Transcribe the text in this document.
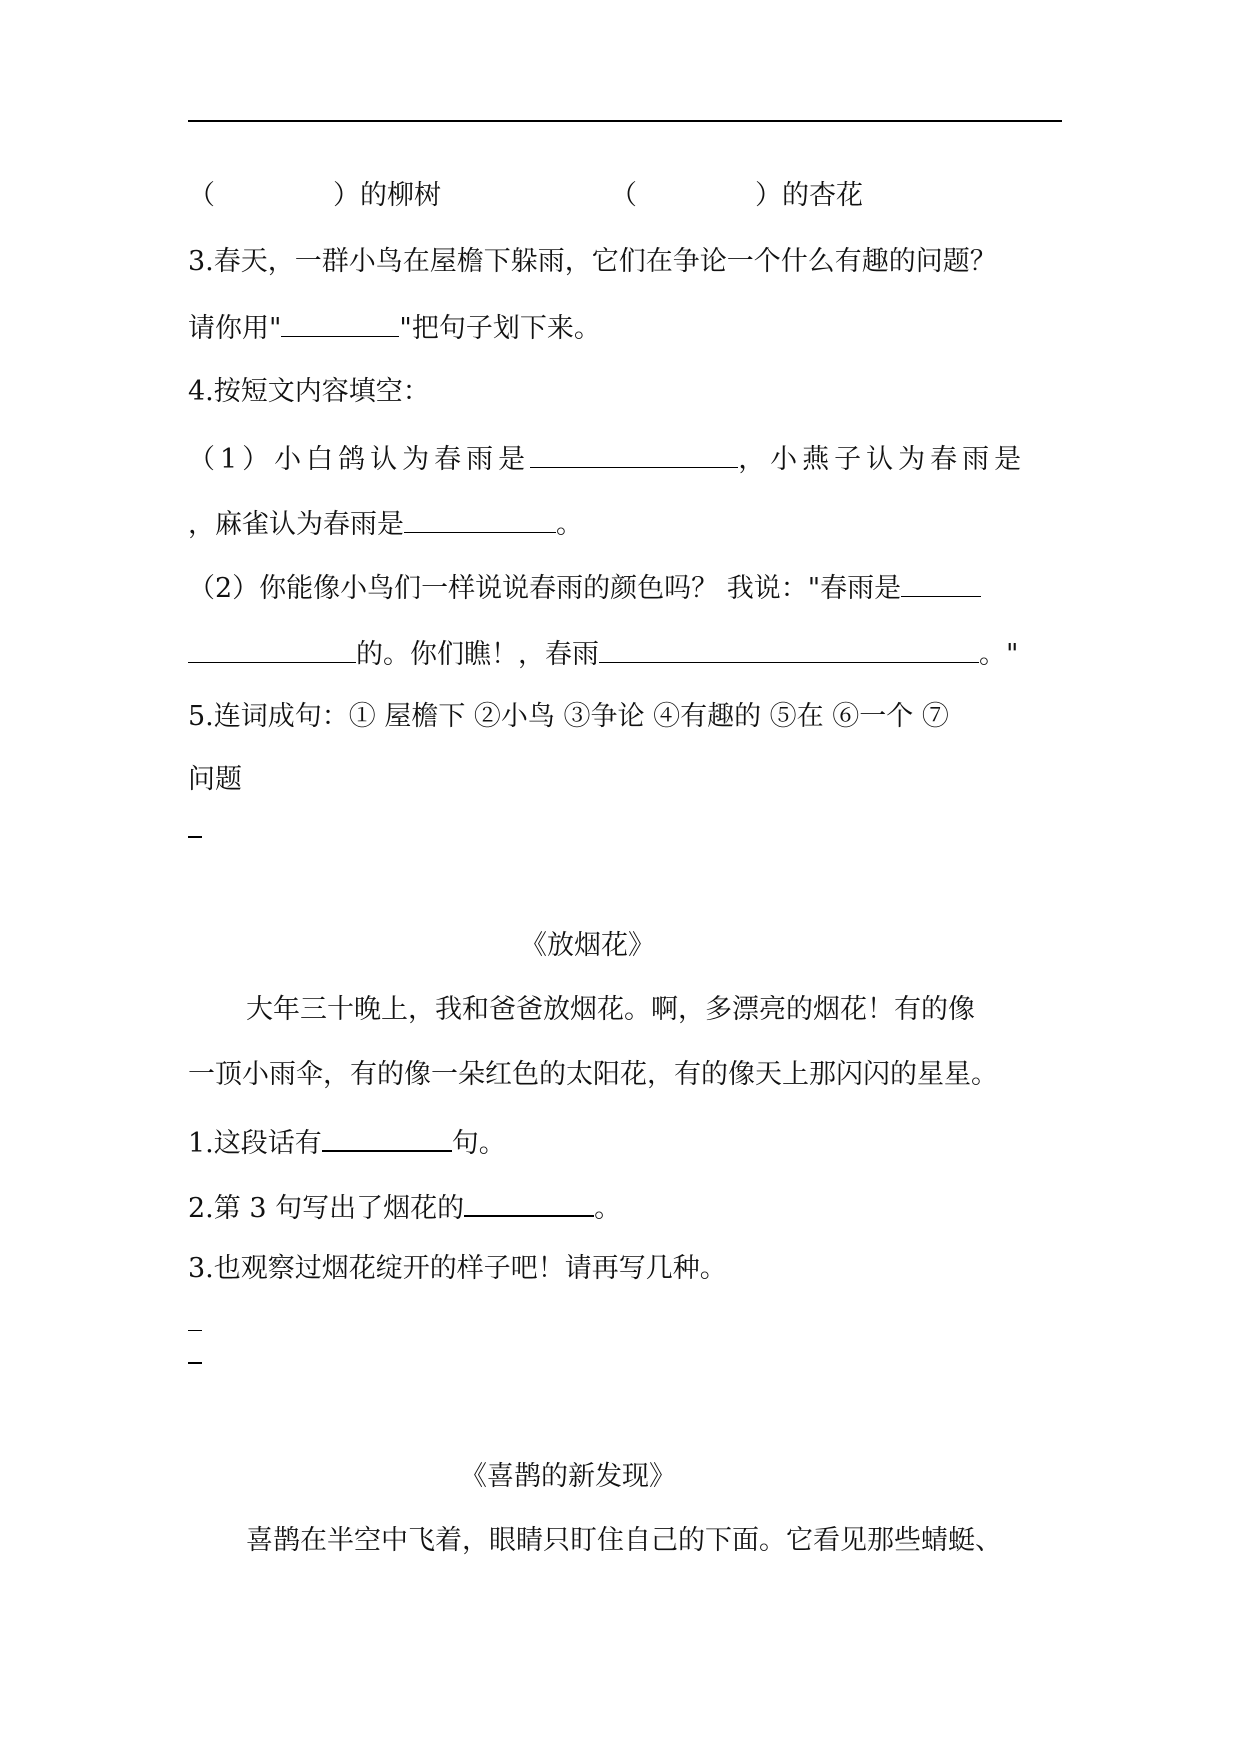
（	）的柳树	（	）的杏花
3.春天，一群小鸟在屋檐下躲雨，它们在争论一个什么有趣的问题？
请你用"	"把句子划下来。
4.按短文内容填空：
（1）小白鸽认为春雨是	，小燕子认为春雨是
，麻雀认为春雨是	。
（2）你能像小鸟们一样说说春雨的颜色吗？ 我说："春雨是
的。你们瞧！，春雨	。"
5.连词成句：① 屋檐下 ②小鸟 ③争论 ④有趣的 ⑤在 ⑥一个 ⑦
问题
《放烟花》
大年三十晚上，我和爸爸放烟花。啊，多漂亮的烟花！有的像
一顶小雨伞，有的像一朵红色的太阳花，有的像天上那闪闪的星星。
1.这段话有	句。
2.第 3 句写出了烟花的	。
3.也观察过烟花绽开的样子吧！请再写几种。
《喜鹊的新发现》
喜鹊在半空中飞着，眼睛只盯住自己的下面。它看见那些蜻蜓、
